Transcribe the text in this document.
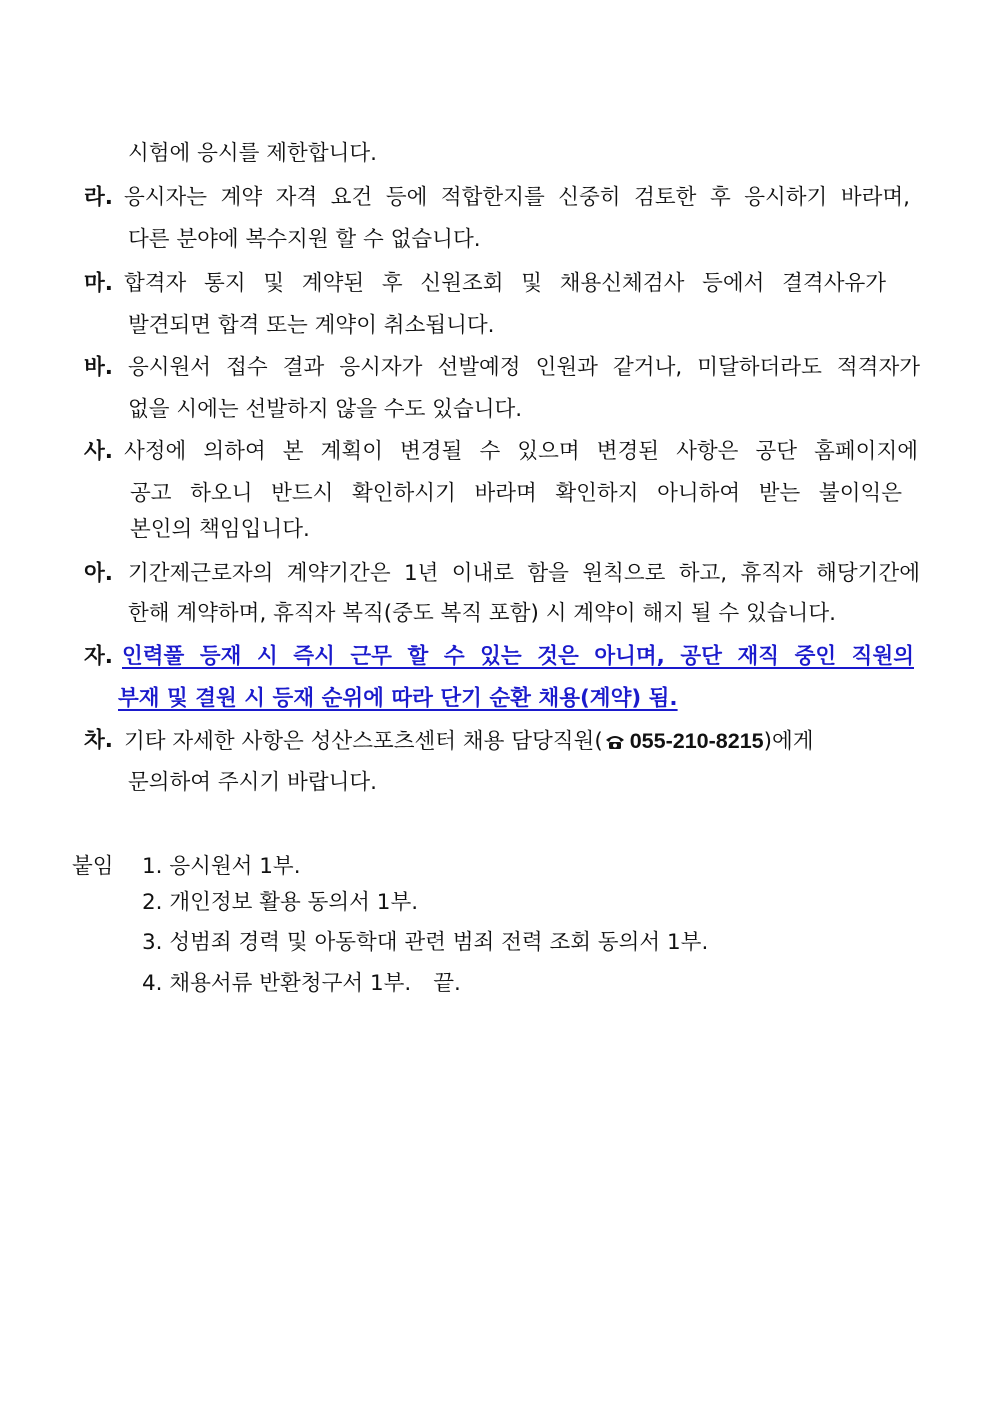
시험에 응시를 제한합니다.
라. 응시자는 계약 자격 요건 등에 적합한지를 신중히 검토한 후 응시하기 바라며,
다른 분야에 복수지원 할 수 없습니다.
마. 합격자 통지 및 계약된 후 신원조회 및 채용신체검사 등에서 결격사유가
발견되면 합격 또는 계약이 취소됩니다.
바. 응시원서 접수 결과 응시자가 선발예정 인원과 같거나, 미달하더라도 적격자가
없을 시에는 선발하지 않을 수도 있습니다.
사. 사정에 의하여 본 계획이 변경될 수 있으며 변경된 사항은 공단 홈페이지에
공고 하오니 반드시 확인하시기 바라며 확인하지 아니하여 받는 불이익은
본인의 책임입니다.
아. 기간제근로자의 계약기간은 1년 이내로 함을 원칙으로 하고, 휴직자 해당기간에
한해 계약하며, 휴직자 복직(중도 복직 포함) 시 계약이 해지 될 수 있습니다.
자. 인력풀 등재 시 즉시 근무 할 수 있는 것은 아니며, 공단 재직 중인 직원의
부재 및 결원 시 등재 순위에 따라 단기 순환 채용(계약) 됨.
차. 기타 자세한 사항은 성산스포츠센터 채용 담당직원( 055-210-8215)에게
문의하여 주시기 바랍니다.
붙임 1. 응시원서 1부.
2. 개인정보 활용 동의서 1부.
3. 성범죄 경력 및 아동학대 관련 범죄 전력 조회 동의서 1부.
4. 채용서류 반환청구서 1부. 끝.
